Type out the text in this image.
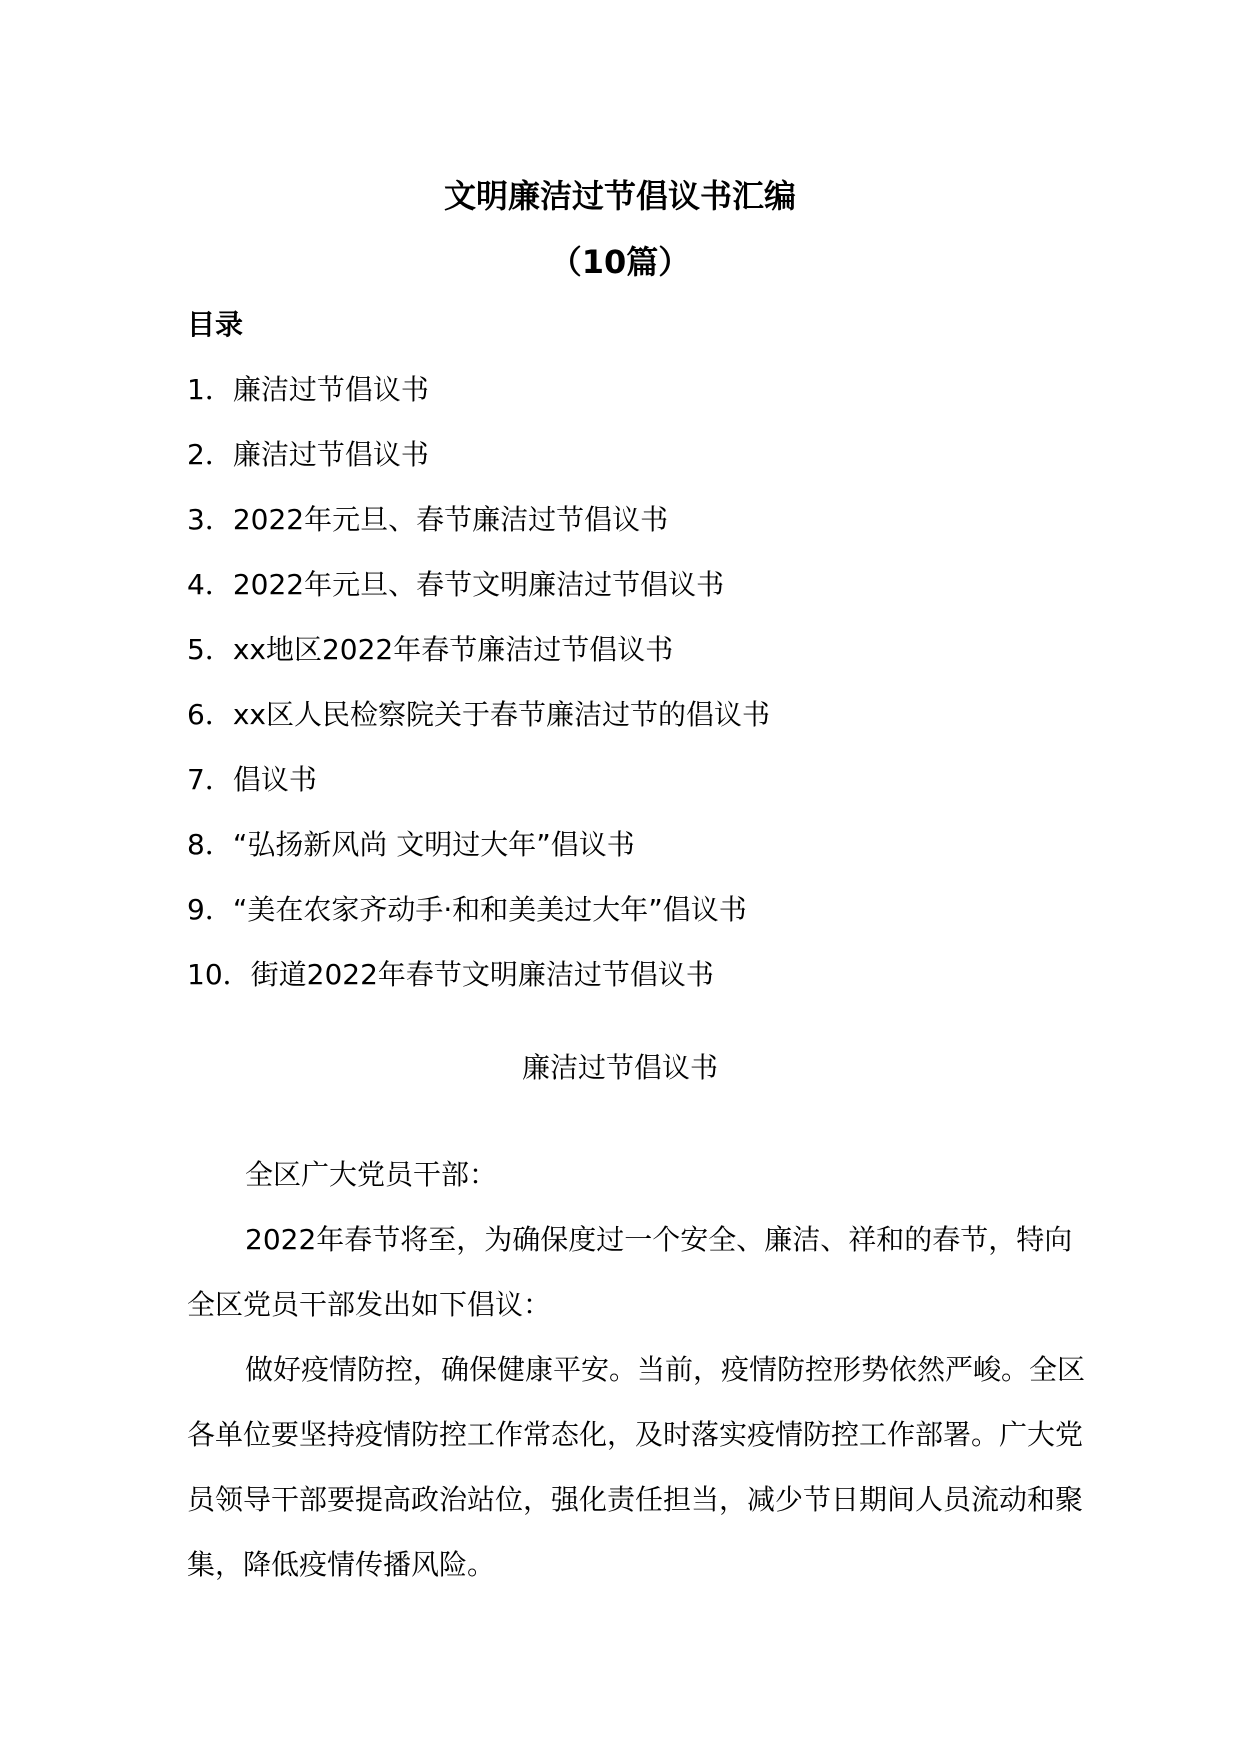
文明廉洁过节倡议书汇编
（10篇）
目录
1．廉洁过节倡议书
2．廉洁过节倡议书
3．2022年元旦、春节廉洁过节倡议书
4．2022年元旦、春节文明廉洁过节倡议书
5．xx地区2022年春节廉洁过节倡议书
6．xx区人民检察院关于春节廉洁过节的倡议书
7．倡议书
8．“弘扬新风尚 文明过大年”倡议书
9．“美在农家齐动手·和和美美过大年”倡议书
10．街道2022年春节文明廉洁过节倡议书
廉洁过节倡议书

全区广大党员干部：

2022年春节将至，为确保度过一个安全、廉洁、祥和的春节，特向全区党员干部发出如下倡议：

做好疫情防控，确保健康平安。当前，疫情防控形势依然严峻。全区各单位要坚持疫情防控工作常态化，及时落实疫情防控工作部署。广大党员领导干部要提高政治站位，强化责任担当，减少节日期间人员流动和聚集，降低疫情传播风险。
